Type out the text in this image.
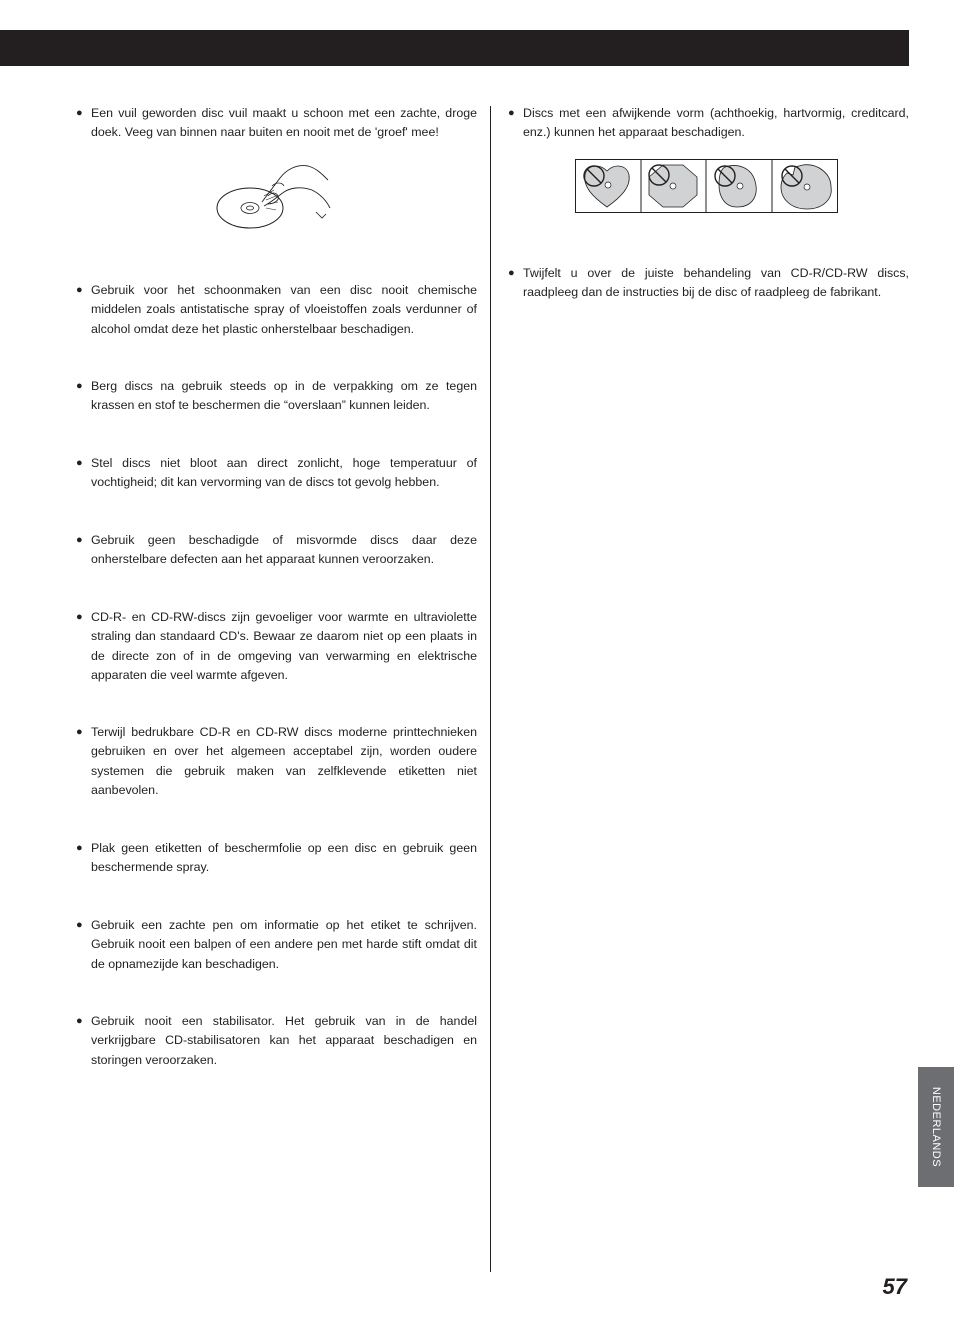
● Een vuil geworden disc vuil maakt u schoon met een zachte, droge doek. Veeg van binnen naar buiten en nooit met de 'groef' mee!
● Gebruik voor het schoonmaken van een disc nooit chemische middelen zoals antistatische spray of vloeistoffen zoals verdunner of alcohol omdat deze het plastic onherstelbaar beschadigen.
● Berg discs na gebruik steeds op in de verpakking om ze tegen krassen en stof te beschermen die “overslaan” kunnen leiden.
● Stel discs niet bloot aan direct zonlicht, hoge temperatuur of vochtigheid; dit kan vervorming van de discs tot gevolg hebben.
● Gebruik geen beschadigde of misvormde discs daar deze onherstelbare defecten aan het apparaat kunnen veroorzaken.
● CD-R- en CD-RW-discs zijn gevoeliger voor warmte en ultraviolette straling dan standaard CD's. Bewaar ze daarom niet op een plaats in de directe zon of in de omgeving van verwarming en elektrische apparaten die veel warmte afgeven.
● Terwijl bedrukbare CD-R en CD-RW discs moderne printtechnieken gebruiken en over het algemeen acceptabel zijn, worden oudere systemen die gebruik maken van zelfklevende etiketten niet aanbevolen.
● Plak geen etiketten of beschermfolie op een disc en gebruik geen beschermende spray.
● Gebruik een zachte pen om informatie op het etiket te schrijven. Gebruik nooit een balpen of een andere pen met harde stift omdat dit de opnamezijde kan beschadigen.
● Gebruik nooit een stabilisator. Het gebruik van in de handel verkrijgbare CD-stabilisatoren kan het apparaat beschadigen en storingen veroorzaken.
● Discs met een afwijkende vorm (achthoekig, hartvormig, creditcard, enz.) kunnen het apparaat beschadigen.
● Twijfelt u over de juiste behandeling van CD-R/CD-RW discs, raadpleeg dan de instructies bij de disc of raadpleeg de fabrikant.
NEDERLANDS
57
